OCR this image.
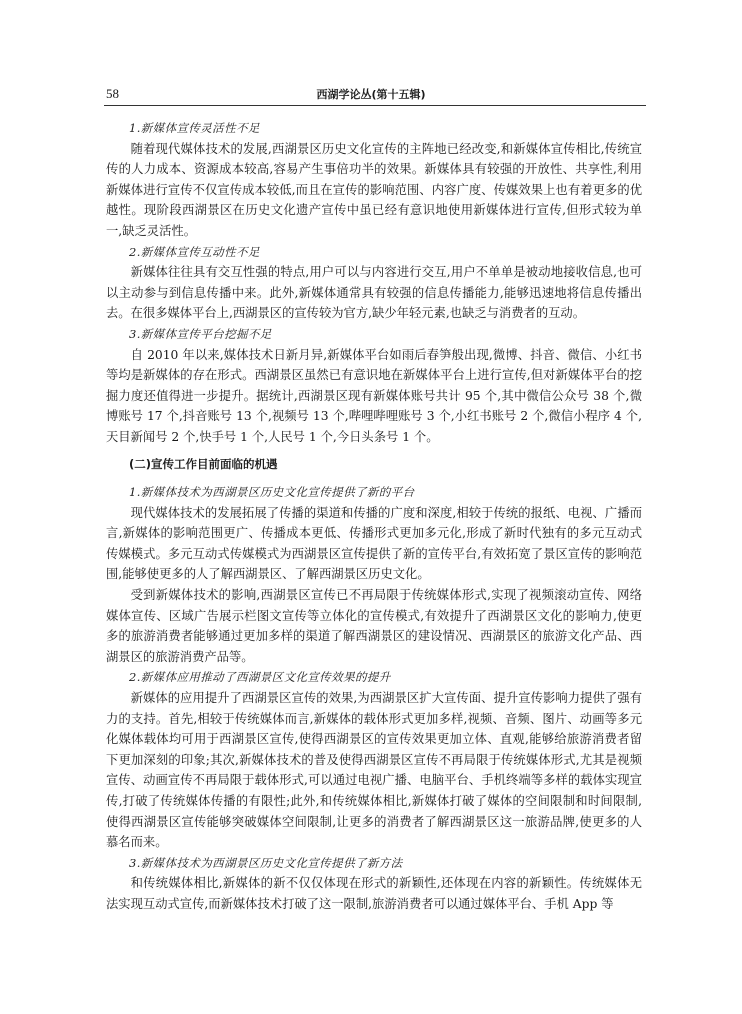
58	西湖学论丛(第十五辑)
1.新媒体宣传灵活性不足

随着现代媒体技术的发展,西湖景区历史文化宣传的主阵地已经改变,和新媒体宣传相比,传统宣传的人力成本、资源成本较高,容易产生事倍功半的效果。新媒体具有较强的开放性、共享性,利用新媒体进行宣传不仅宣传成本较低,而且在宣传的影响范围、内容广度、传媒效果上也有着更多的优越性。现阶段西湖景区在历史文化遗产宣传中虽已经有意识地使用新媒体进行宣传,但形式较为单一,缺乏灵活性。

2.新媒体宣传互动性不足

新媒体往往具有交互性强的特点,用户可以与内容进行交互,用户不单单是被动地接收信息,也可以主动参与到信息传播中来。此外,新媒体通常具有较强的信息传播能力,能够迅速地将信息传播出去。在很多媒体平台上,西湖景区的宣传较为官方,缺少年轻元素,也缺乏与消费者的互动。

3.新媒体宣传平台挖掘不足

自 2010 年以来,媒体技术日新月异,新媒体平台如雨后春笋般出现,微博、抖音、微信、小红书等均是新媒体的存在形式。西湖景区虽然已有意识地在新媒体平台上进行宣传,但对新媒体平台的挖掘力度还值得进一步提升。据统计,西湖景区现有新媒体账号共计 95 个,其中微信公众号 38 个,微博账号 17 个,抖音账号 13 个,视频号 13 个,哔哩哔哩账号 3 个,小红书账号 2 个,微信小程序 4 个,天目新闻号 2 个,快手号 1 个,人民号 1 个,今日头条号 1 个。

(二)宣传工作目前面临的机遇
1.新媒体技术为西湖景区历史文化宣传提供了新的平台

现代媒体技术的发展拓展了传播的渠道和传播的广度和深度,相较于传统的报纸、电视、广播而言,新媒体的影响范围更广、传播成本更低、传播形式更加多元化,形成了新时代独有的多元互动式传媒模式。多元互动式传媒模式为西湖景区宣传提供了新的宣传平台,有效拓宽了景区宣传的影响范围,能够使更多的人了解西湖景区、了解西湖景区历史文化。

受到新媒体技术的影响,西湖景区宣传已不再局限于传统媒体形式,实现了视频滚动宣传、网络媒体宣传、区域广告展示栏图文宣传等立体化的宣传模式,有效提升了西湖景区文化的影响力,使更多的旅游消费者能够通过更加多样的渠道了解西湖景区的建设情况、西湖景区的旅游文化产品、西湖景区的旅游消费产品等。

2.新媒体应用推动了西湖景区文化宣传效果的提升

新媒体的应用提升了西湖景区宣传的效果,为西湖景区扩大宣传面、提升宣传影响力提供了强有力的支持。首先,相较于传统媒体而言,新媒体的载体形式更加多样,视频、音频、图片、动画等多元化媒体载体均可用于西湖景区宣传,使得西湖景区的宣传效果更加立体、直观,能够给旅游消费者留下更加深刻的印象;其次,新媒体技术的普及使得西湖景区宣传不再局限于传统媒体形式,尤其是视频宣传、动画宣传不再局限于载体形式,可以通过电视广播、电脑平台、手机终端等多样的载体实现宣传,打破了传统媒体传播的有限性;此外,和传统媒体相比,新媒体打破了媒体的空间限制和时间限制,使得西湖景区宣传能够突破媒体空间限制,让更多的消费者了解西湖景区这一旅游品牌,使更多的人慕名而来。

3.新媒体技术为西湖景区历史文化宣传提供了新方法

和传统媒体相比,新媒体的新不仅仅体现在形式的新颖性,还体现在内容的新颖性。传统媒体无法实现互动式宣传,而新媒体技术打破了这一限制,旅游消费者可以通过媒体平台、手机 App 等
